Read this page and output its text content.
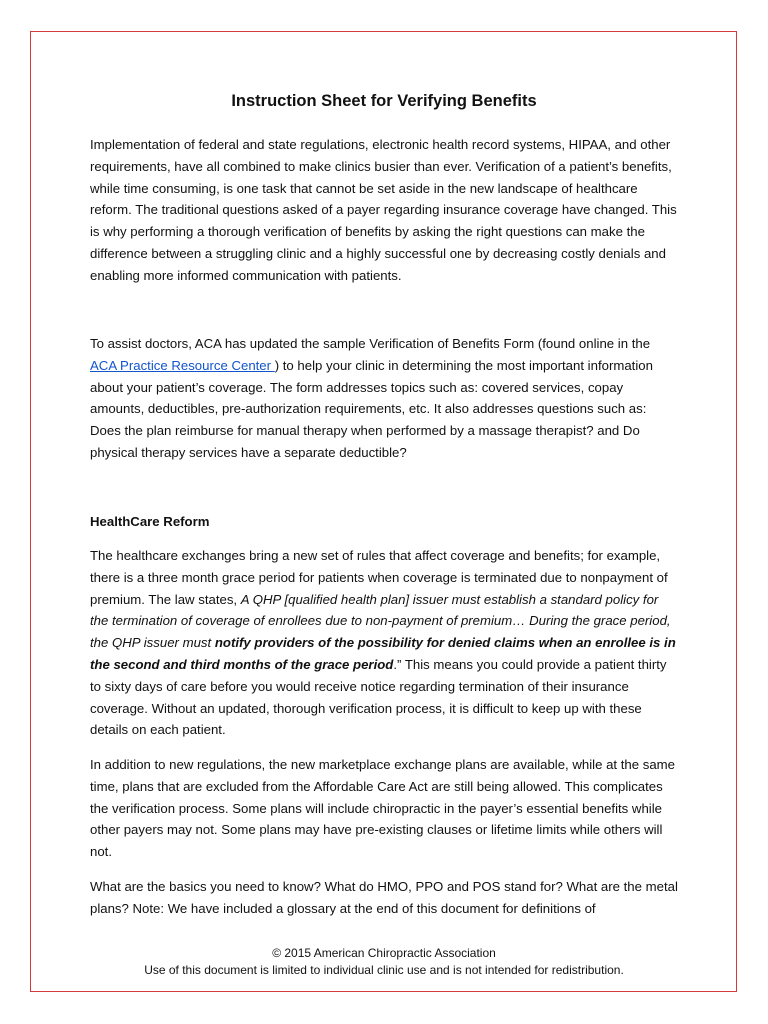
Instruction Sheet for Verifying Benefits

Implementation of federal and state regulations, electronic health record systems, HIPAA, and other requirements, have all combined to make clinics busier than ever. Verification of a patient’s benefits, while time consuming, is one task that cannot be set aside in the new landscape of healthcare reform. The traditional questions asked of a payer regarding insurance coverage have changed. This is why performing a thorough verification of benefits by asking the right questions can make the difference between a struggling clinic and a highly successful one by decreasing costly denials and enabling more informed communication with patients.

To assist doctors, ACA has updated the sample Verification of Benefits Form (found online in the ACA Practice Resource Center ) to help your clinic in determining the most important information about your patient’s coverage. The form addresses topics such as: covered services, copay amounts, deductibles, pre-authorization requirements, etc. It also addresses questions such as: Does the plan reimburse for manual therapy when performed by a massage therapist? and Do physical therapy services have a separate deductible?

HealthCare Reform

The healthcare exchanges bring a new set of rules that affect coverage and benefits; for example, there is a three month grace period for patients when coverage is terminated due to nonpayment of premium. The law states, A QHP [qualified health plan] issuer must establish a standard policy for the termination of coverage of enrollees due to non-payment of premium… During the grace period, the QHP issuer must notify providers of the possibility for denied claims when an enrollee is in the second and third months of the grace period.” This means you could provide a patient thirty to sixty days of care before you would receive notice regarding termination of their insurance coverage. Without an updated, thorough verification process, it is difficult to keep up with these details on each patient.

In addition to new regulations, the new marketplace exchange plans are available, while at the same time, plans that are excluded from the Affordable Care Act are still being allowed. This complicates the verification process. Some plans will include chiropractic in the payer’s essential benefits while other payers may not. Some plans may have pre-existing clauses or lifetime limits while others will not.

What are the basics you need to know? What do HMO, PPO and POS stand for? What are the metal plans? Note: We have included a glossary at the end of this document for definitions of

© 2015 American Chiropractic Association
Use of this document is limited to individual clinic use and is not intended for redistribution.
